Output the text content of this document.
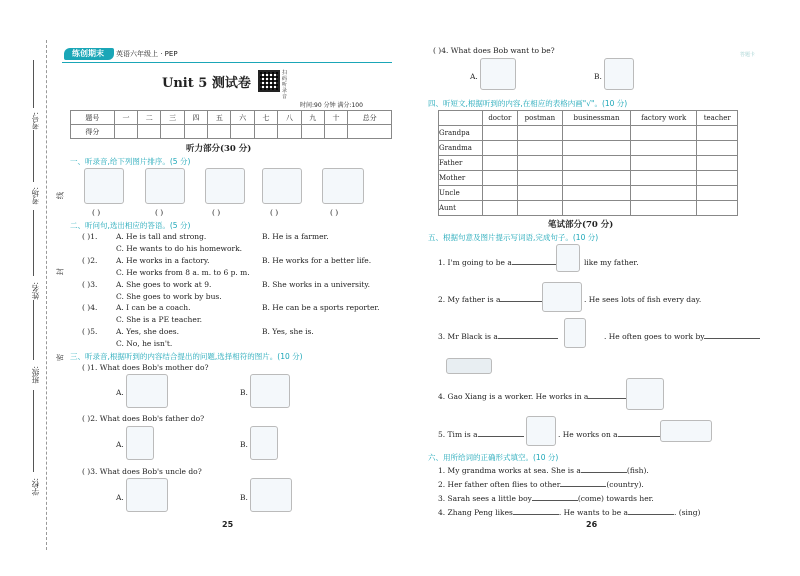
考号:
考场:
姓名:
班级:
学校:
线
封
密
练创期末	英语六年级上 · PEP
Unit 5 测试卷
扫码听录音
时间:90 分钟 满分:100
题号	一	二	三	四	五	六	七	八	九	十	总分
得分											
听力部分(30 分)
一、听录音,给下列图片排序。(5 分)
( )	( )	( )	( )	( )
二、听问句,选出相应的答语。(5 分)
( )1. A. He is tall and strong.	B. He is a farmer.
C. He wants to do his homework.
( )2. A. He works in a factory.	B. He works for a better life.
C. He works from 8 a. m. to 6 p. m.
( )3. A. She goes to work at 9.	B. She works in a university.
C. She goes to work by bus.
( )4. A. I can be a coach.	B. He can be a sports reporter.
C. She is a PE teacher.
( )5. A. Yes, she does.	B. Yes, she is.
C. No, he isn't.
三、听录音,根据听到的内容结合提出的问题,选择相符的图片。(10 分)
( )1. What does Bob's mother do?
A.	B.
( )2. What does Bob's father do?
A.	B.
( )3. What does Bob's uncle do?
A.	B.
25
答题卡
( )4. What does Bob want to be?
A.	B.
四、听短文,根据听到的内容,在相应的表格内画"√"。(10 分)
	doctor	postman	businessman	factory work	teacher
Grandpa					
Grandma					
Father					
Mother					
Uncle					
Aunt					
笔试部分(70 分)
五、根据句意及图片提示写词语,完成句子。(10 分)
1. I'm going to be a	like my father.
2. My father is a	. He sees lots of fish every day.
3. Mr Black is a	. He often goes to work by
4. Gao Xiang is a worker. He works in a
5. Tim is a	. He works on a
六、用所给词的正确形式填空。(10 分)
1. My grandma works at sea. She is a	(fish).
2. Her father often flies to other	(country).
3. Sarah sees a little boy	(come) towards her.
4. Zhang Peng likes	. He wants to be a	. (sing)
26
